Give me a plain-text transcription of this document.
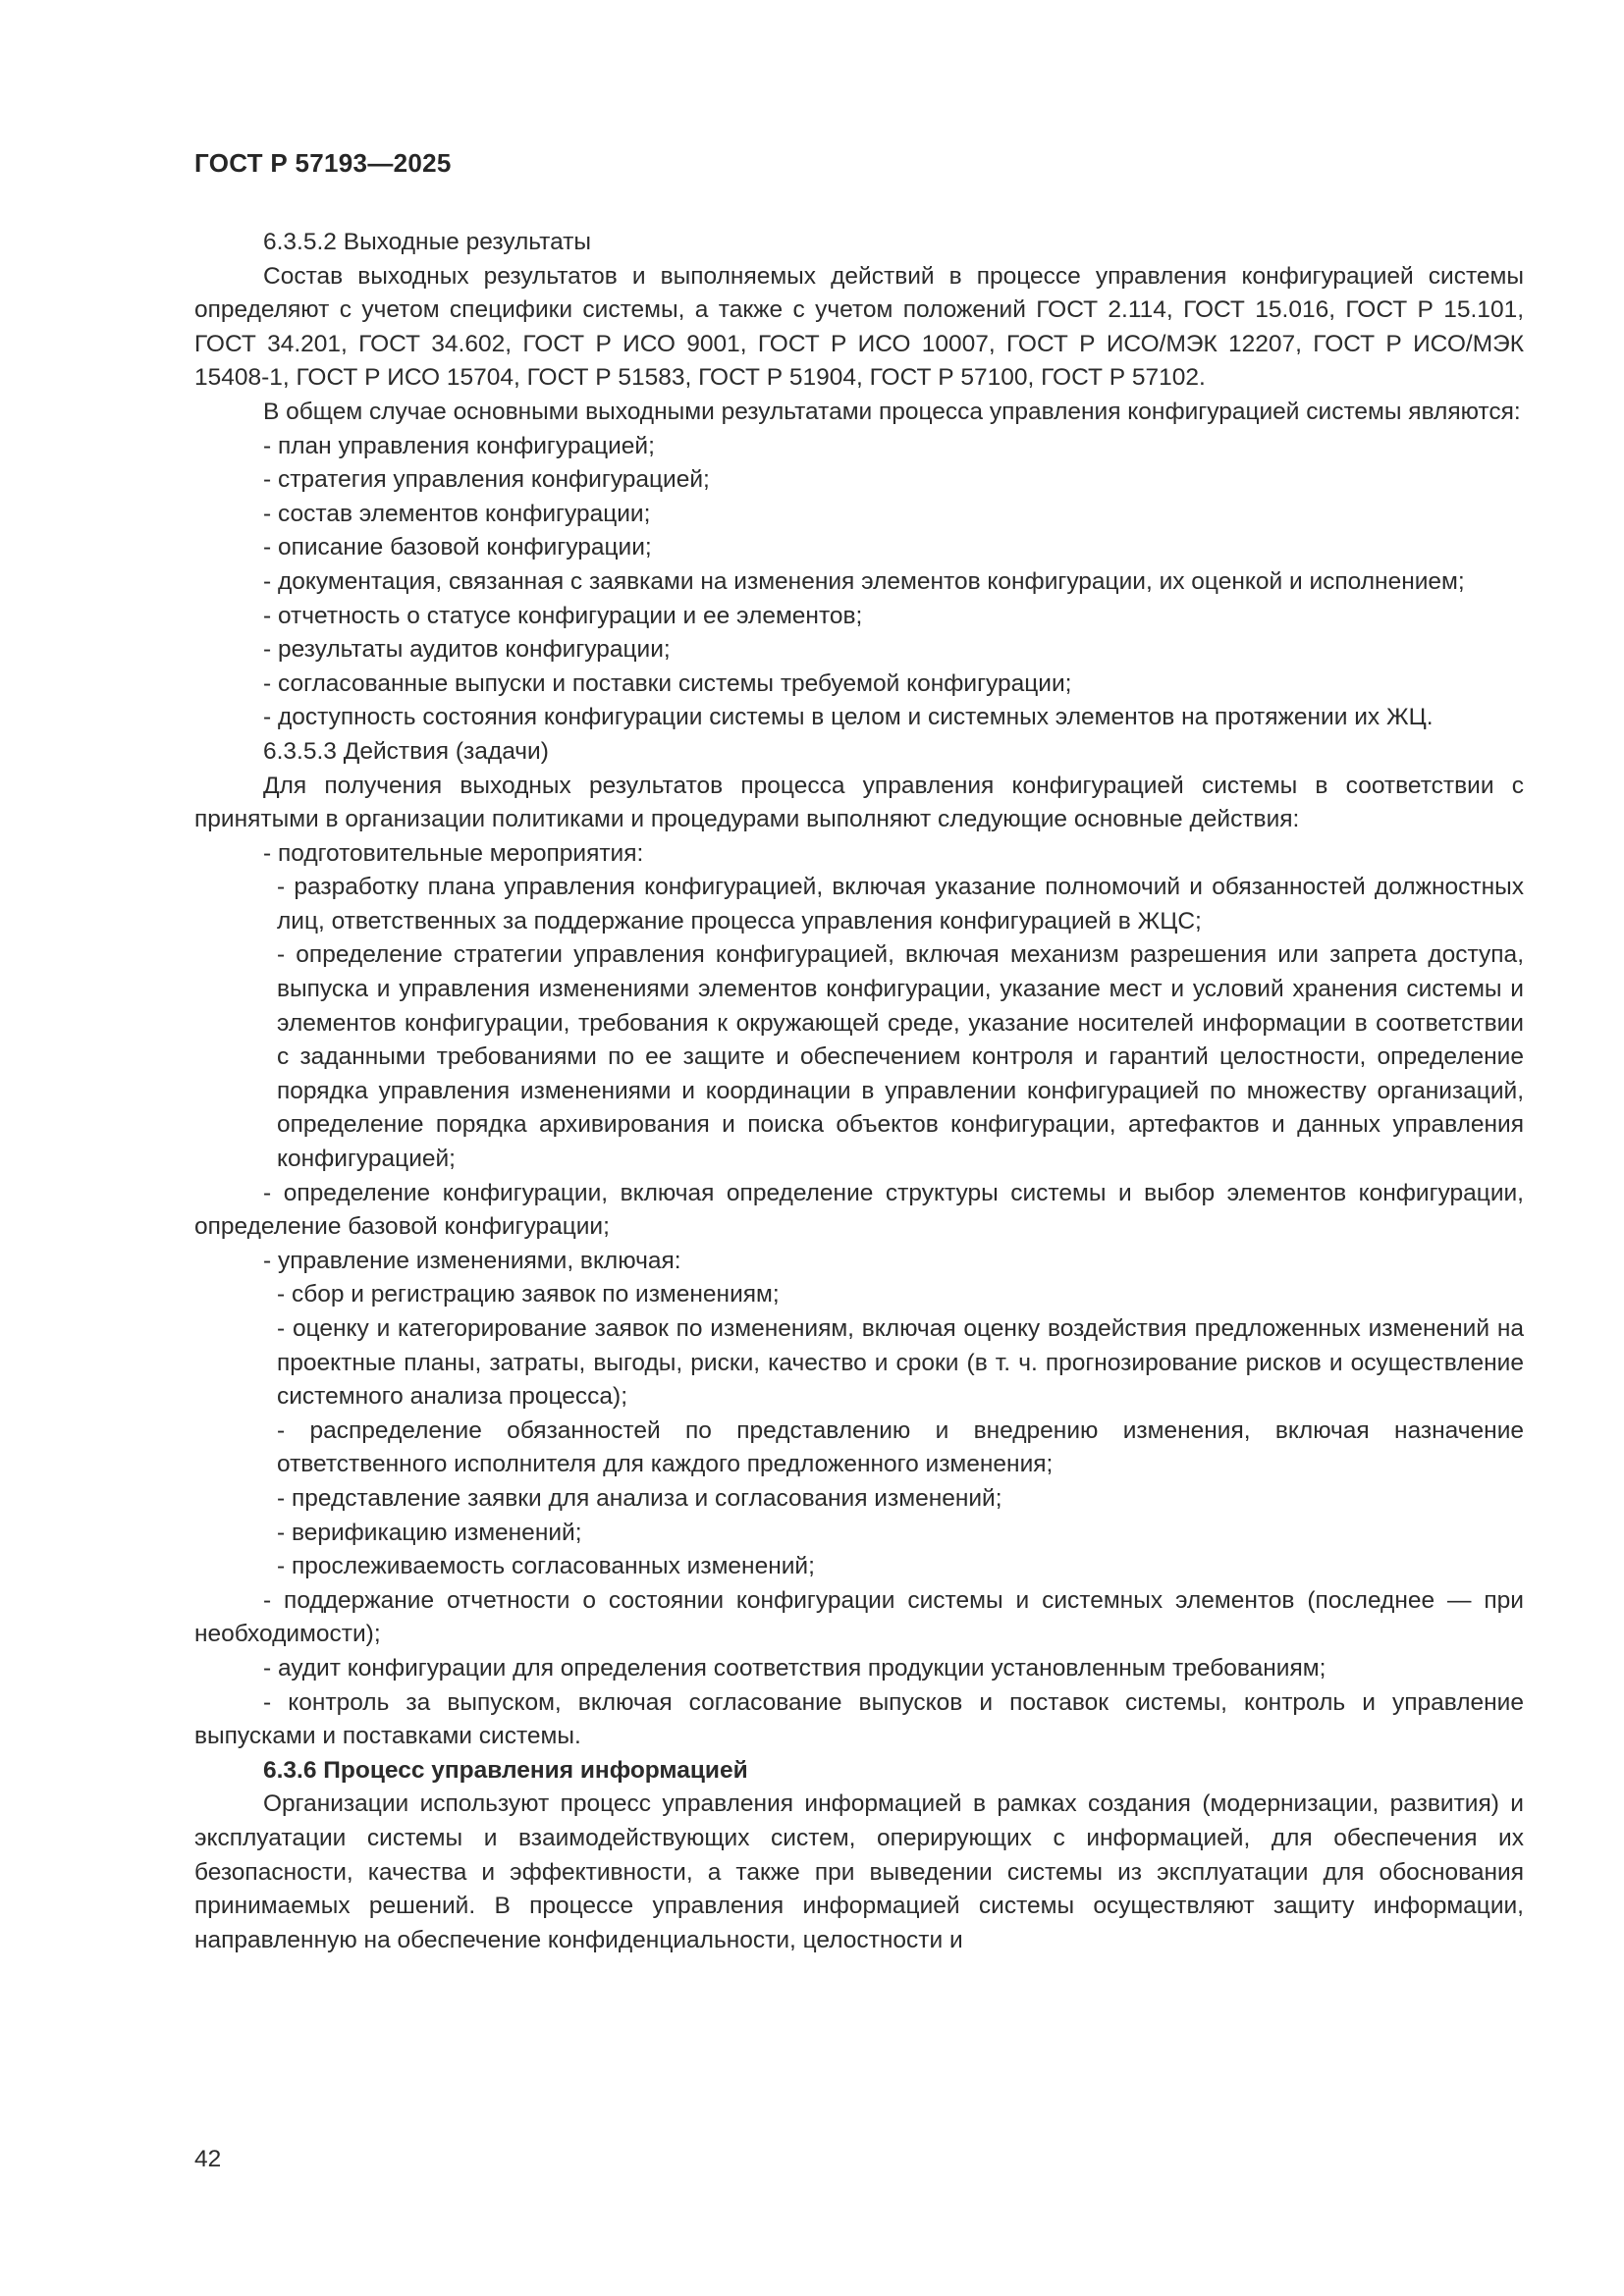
ГОСТ Р 57193—2025

6.3.5.2 Выходные результаты

Состав выходных результатов и выполняемых действий в процессе управления конфигурацией системы определяют с учетом специфики системы, а также с учетом положений ГОСТ 2.114, ГОСТ 15.016, ГОСТ Р 15.101, ГОСТ 34.201, ГОСТ 34.602, ГОСТ Р ИСО 9001, ГОСТ Р ИСО 10007, ГОСТ Р ИСО/МЭК 12207, ГОСТ Р ИСО/МЭК 15408-1, ГОСТ Р ИСО 15704, ГОСТ Р 51583, ГОСТ Р 51904, ГОСТ Р 57100, ГОСТ Р 57102.

В общем случае основными выходными результатами процесса управления конфигурацией системы являются:

- план управления конфигурацией;

- стратегия управления конфигурацией;

- состав элементов конфигурации;

- описание базовой конфигурации;

- документация, связанная с заявками на изменения элементов конфигурации, их оценкой и исполнением;

- отчетность о статусе конфигурации и ее элементов;

- результаты аудитов конфигурации;

- согласованные выпуски и поставки системы требуемой конфигурации;

- доступность состояния конфигурации системы в целом и системных элементов на протяжении их ЖЦ.

6.3.5.3 Действия (задачи)

Для получения выходных результатов процесса управления конфигурацией системы в соответствии с принятыми в организации политиками и процедурами выполняют следующие основные действия:

- подготовительные мероприятия:

- разработку плана управления конфигурацией, включая указание полномочий и обязанностей должностных лиц, ответственных за поддержание процесса управления конфигурацией в ЖЦС;

- определение стратегии управления конфигурацией, включая механизм разрешения или запрета доступа, выпуска и управления изменениями элементов конфигурации, указание мест и условий хранения системы и элементов конфигурации, требования к окружающей среде, указание носителей информации в соответствии с заданными требованиями по ее защите и обеспечением контроля и гарантий целостности, определение порядка управления изменениями и координации в управлении конфигурацией по множеству организаций, определение порядка архивирования и поиска объектов конфигурации, артефактов и данных управления конфигурацией;

- определение конфигурации, включая определение структуры системы и выбор элементов конфигурации, определение базовой конфигурации;

- управление изменениями, включая:

- сбор и регистрацию заявок по изменениям;

- оценку и категорирование заявок по изменениям, включая оценку воздействия предложенных изменений на проектные планы, затраты, выгоды, риски, качество и сроки (в т. ч. прогнозирование рисков и осуществление системного анализа процесса);

- распределение обязанностей по представлению и внедрению изменения, включая назначение ответственного исполнителя для каждого предложенного изменения;

- представление заявки для анализа и согласования изменений;

- верификацию изменений;

- прослеживаемость согласованных изменений;

- поддержание отчетности о состоянии конфигурации системы и системных элементов (последнее — при необходимости);

- аудит конфигурации для определения соответствия продукции установленным требованиям;

- контроль за выпуском, включая согласование выпусков и поставок системы, контроль и управление выпусками и поставками системы.

6.3.6 Процесс управления информацией

Организации используют процесс управления информацией в рамках создания (модернизации, развития) и эксплуатации системы и взаимодействующих систем, оперирующих с информацией, для обеспечения их безопасности, качества и эффективности, а также при выведении системы из эксплуатации для обоснования принимаемых решений. В процессе управления информацией системы осуществляют защиту информации, направленную на обеспечение конфиденциальности, целостности и

42
